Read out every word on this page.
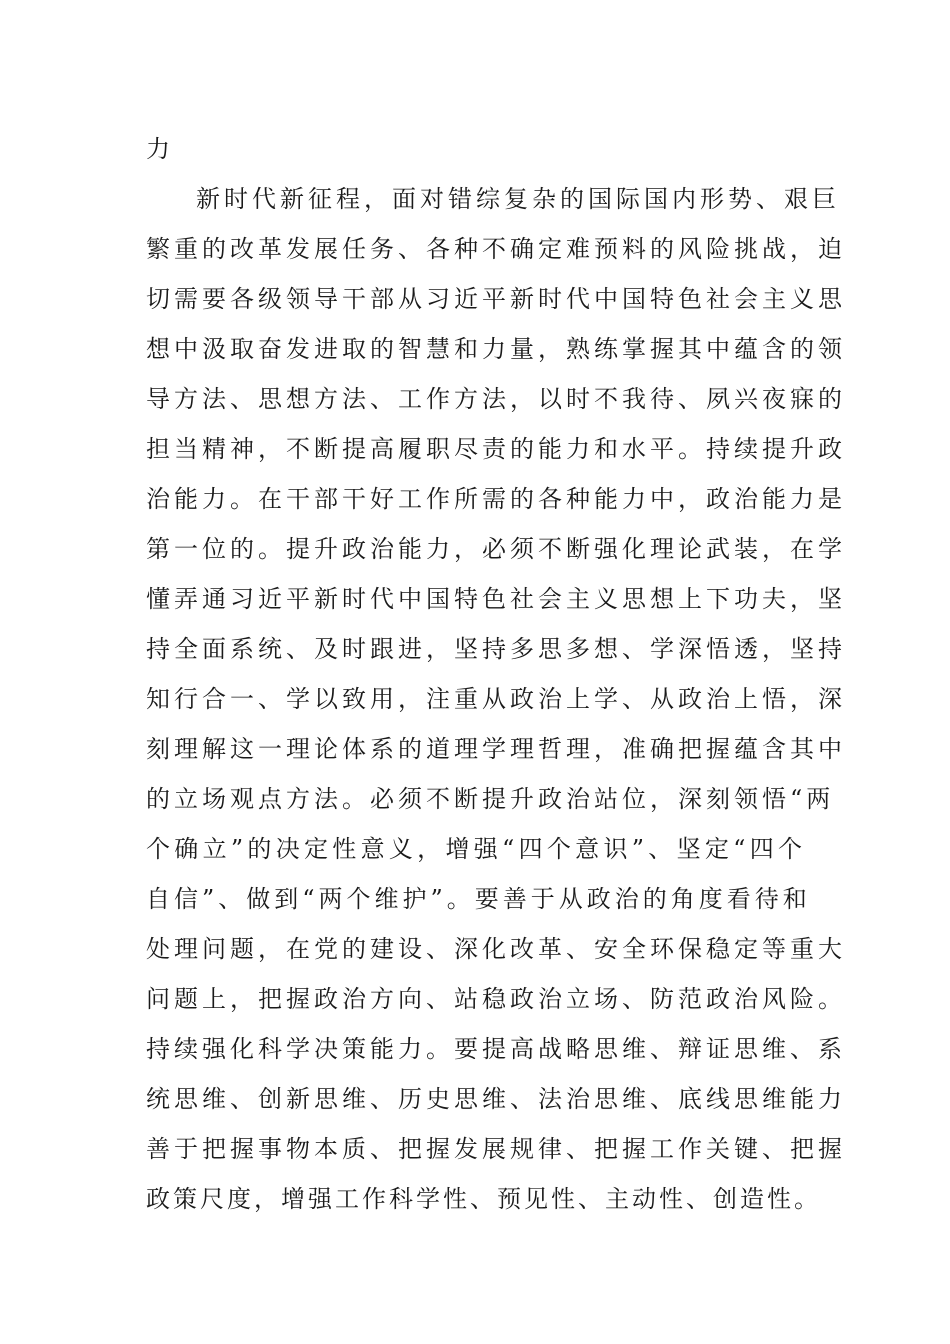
力
新时代新征程，面对错综复杂的国际国内形势、艰巨
繁重的改革发展任务、各种不确定难预料的风险挑战，迫
切需要各级领导干部从习近平新时代中国特色社会主义思
想中汲取奋发进取的智慧和力量，熟练掌握其中蕴含的领
导方法、思想方法、工作方法，以时不我待、夙兴夜寐的
担当精神，不断提高履职尽责的能力和水平。持续提升政
治能力。在干部干好工作所需的各种能力中，政治能力是
第一位的。提升政治能力，必须不断强化理论武装，在学
懂弄通习近平新时代中国特色社会主义思想上下功夫，坚
持全面系统、及时跟进，坚持多思多想、学深悟透，坚持
知行合一、学以致用，注重从政治上学、从政治上悟，深
刻理解这一理论体系的道理学理哲理，准确把握蕴含其中
的立场观点方法。必须不断提升政治站位，深刻领悟“两
个确立”的决定性意义，增强“四个意识”、坚定“四个
自信”、做到“两个维护”。要善于从政治的角度看待和
处理问题，在党的建设、深化改革、安全环保稳定等重大
问题上，把握政治方向、站稳政治立场、防范政治风险。
持续强化科学决策能力。要提高战略思维、辩证思维、系
统思维、创新思维、历史思维、法治思维、底线思维能力
善于把握事物本质、把握发展规律、把握工作关键、把握
政策尺度，增强工作科学性、预见性、主动性、创造性。
